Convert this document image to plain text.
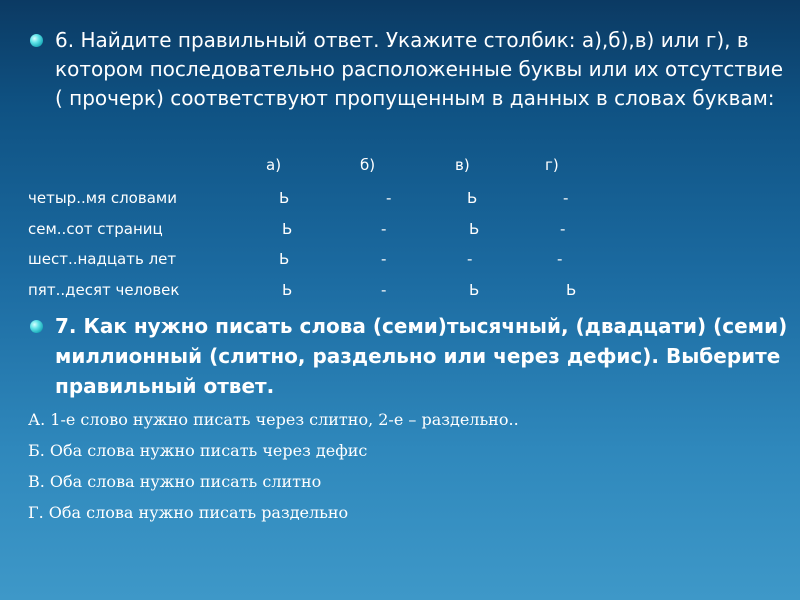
6. Найдите правильный ответ. Укажите столбик: а),б),в) или г), в котором последовательно расположенные буквы или их отсутствие ( прочерк) соответствуют пропущенным в данных в словах буквам:
а)	б)	в)	г)
четыр..мя словами	Ь	-	Ь	-
сем..сот страниц	Ь	-	Ь	-
шест..надцать лет	Ь	-	-	-
пят..десят человек	Ь	-	Ь	Ь
7. Как нужно писать слова (семи)тысячный, (двадцати) (семи) миллионный (слитно, раздельно или через дефис). Выберите правильный ответ.
А. 1-е слово нужно писать через слитно, 2-е – раздельно..
Б. Оба слова нужно писать через дефис
В. Оба слова нужно писать слитно
Г. Оба слова нужно писать раздельно
